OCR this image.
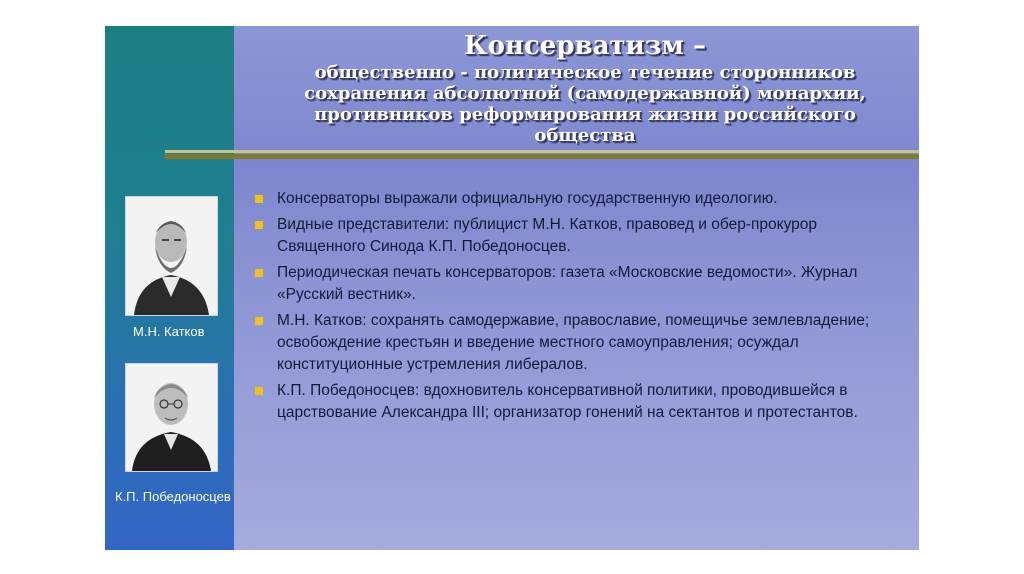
Консерватизм –
общественно - политическое течение сторонников
сохранения абсолютной (самодержавной) монархии,
противников реформирования жизни российского
общества
М.Н. Катков
К.П. Победоносцев
Консерваторы выражали официальную государственную идеологию.
Видные представители: публицист М.Н. Катков, правовед и обер-прокурор Священного Синода К.П. Победоносцев.
Периодическая печать консерваторов: газета «Московские ведомости». Журнал «Русский вестник».
М.Н. Катков: сохранять самодержавие, православие, помещичье землевладение; освобождение крестьян и введение местного самоуправления; осуждал конституционные устремления либералов.
К.П. Победоносцев: вдохновитель консервативной политики, проводившейся в царствование Александра III; организатор гонений на сектантов и протестантов.
